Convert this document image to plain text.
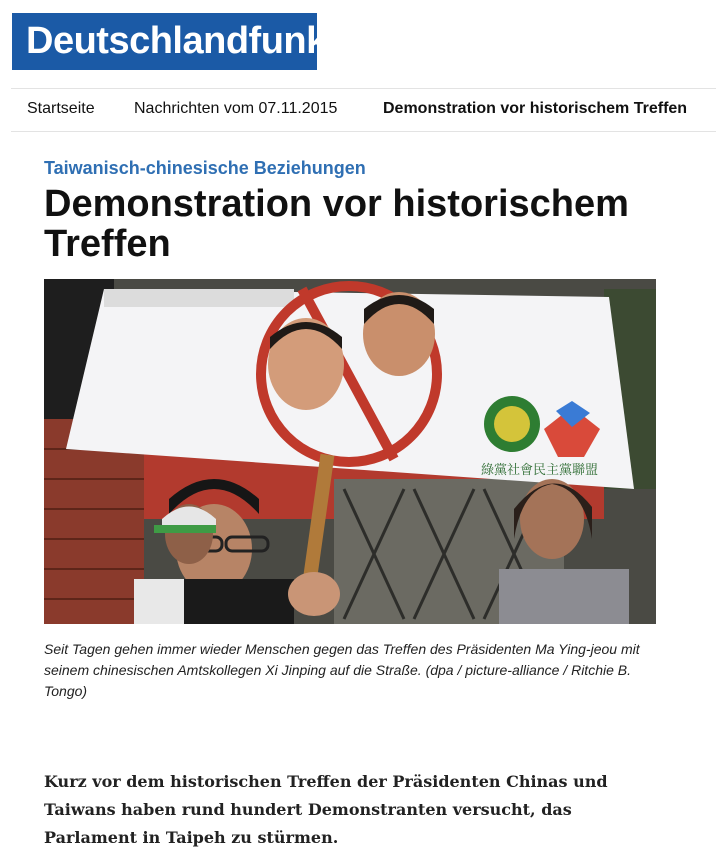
Deutschlandfunk
Startseite Nachrichten vom 07.11.2015	Demonstration vor historischem Treffen
Taiwanisch-chinesische Beziehungen
Demonstration vor historischem Treffen
綠黨社會民主黨聯盟

Seit Tagen gehen immer wieder Menschen gegen das Treffen des Präsidenten Ma Ying-jeou mit seinem chinesischen Amtskollegen Xi Jinping auf die Straße. (dpa / picture-alliance / Ritchie B. Tongo)

Kurz vor dem historischen Treffen der Präsidenten Chinas und Taiwans haben rund hundert Demonstranten versucht, das Parlament in Taipeh zu stürmen.
